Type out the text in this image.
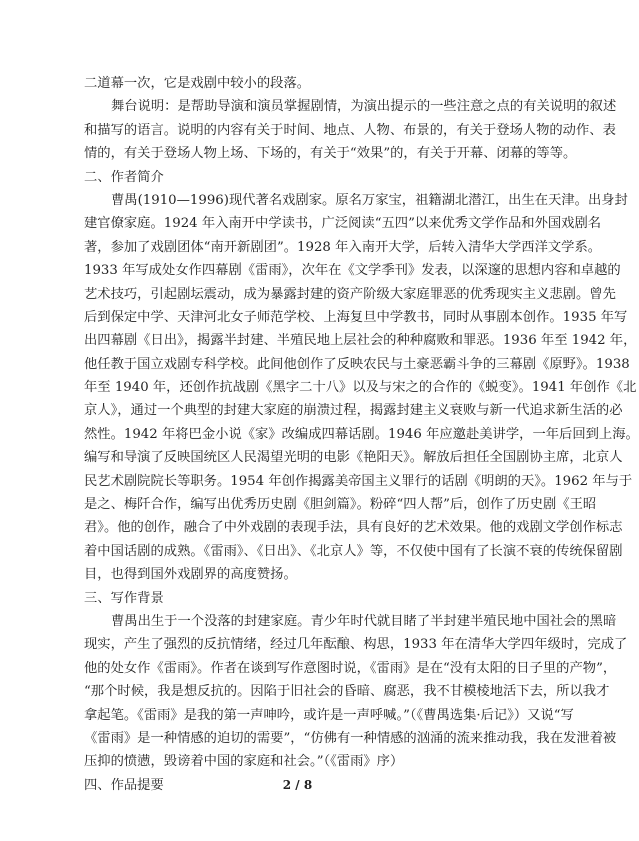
二道幕一次，它是戏剧中较小的段落。
舞台说明：是帮助导演和演员掌握剧情，为演出提示的一些注意之点的有关说明的叙述
和描写的语言。说明的内容有关于时间、地点、人物、布景的，有关于登场人物的动作、表
情的，有关于登场人物上场、下场的，有关于“效果”的，有关于开幕、闭幕的等等。
二、作者简介
曹禺(1910—1996)现代著名戏剧家。原名万家宝，祖籍湖北潜江，出生在天津。出身封
建官僚家庭。1924 年入南开中学读书，广泛阅读“五四”以来优秀文学作品和外国戏剧名
著，参加了戏剧团体“南开新剧团”。1928 年入南开大学，后转入清华大学西洋文学系。
1933 年写成处女作四幕剧《雷雨》，次年在《文学季刊》发表，以深邃的思想内容和卓越的
艺术技巧，引起剧坛震动，成为暴露封建的资产阶级大家庭罪恶的优秀现实主义悲剧。曾先
后到保定中学、天津河北女子师范学校、上海复旦中学教书，同时从事剧本创作。1935 年写
出四幕剧《日出》，揭露半封建、半殖民地上层社会的种种腐败和罪恶。1936 年至 1942 年，
他任教于国立戏剧专科学校。此间他创作了反映农民与土豪恶霸斗争的三幕剧《原野》。1938
年至 1940 年，还创作抗战剧《黑字二十八》以及与宋之的合作的《蜕变》。1941 年创作《北
京人》，通过一个典型的封建大家庭的崩溃过程，揭露封建主义衰败与新一代追求新生活的必
然性。1942 年将巴金小说《家》改编成四幕话剧。1946 年应邀赴美讲学，一年后回到上海。
编写和导演了反映国统区人民渴望光明的电影《艳阳天》。解放后担任全国剧协主席，北京人
民艺术剧院院长等职务。1954 年创作揭露美帝国主义罪行的话剧《明朗的天》。1962 年与于
是之、梅阡合作，编写出优秀历史剧《胆剑篇》。粉碎“四人帮”后，创作了历史剧《王昭
君》。他的创作，融合了中外戏剧的表现手法，具有良好的艺术效果。他的戏剧文学创作标志
着中国话剧的成熟。《雷雨》、《日出》、《北京人》等，不仅使中国有了长演不衰的传统保留剧
目，也得到国外戏剧界的高度赞扬。
三、写作背景
曹禺出生于一个没落的封建家庭。青少年时代就目睹了半封建半殖民地中国社会的黑暗
现实，产生了强烈的反抗情绪，经过几年酝酿、构思，1933 年在清华大学四年级时，完成了
他的处女作《雷雨》。作者在谈到写作意图时说，《雷雨》是在“没有太阳的日子里的产物”，
“那个时候，我是想反抗的。因陷于旧社会的昏暗、腐恶，我不甘模棱地活下去，所以我才
拿起笔。《雷雨》是我的第一声呻吟，或许是一声呼喊。”（《曹禺选集·后记》）又说“写
《雷雨》是一种情感的迫切的需要”，“仿佛有一种情感的汹涌的流来推动我，我在发泄着被
压抑的愤懑，毁谤着中国的家庭和社会。”（《雷雨》序）
四、作品提要	2 / 8
